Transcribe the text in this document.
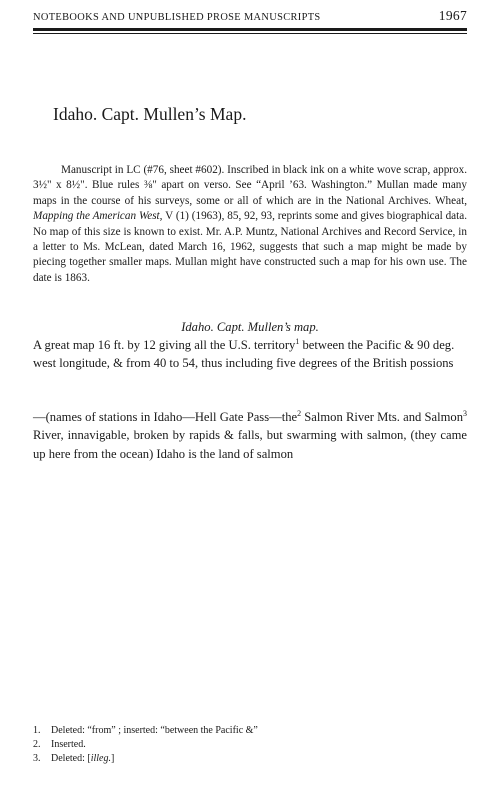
NOTEBOOKS AND UNPUBLISHED PROSE MANUSCRIPTS	1967
Idaho. Capt. Mullen’s Map.

Manuscript in LC (#76, sheet #602). Inscribed in black ink on a white wove scrap, approx. 3½" x 8½". Blue rules ⅜" apart on verso. See “April ’63. Washington.” Mullan made many maps in the course of his surveys, some or all of which are in the National Archives. Wheat, Mapping the American West, V (1) (1963), 85, 92, 93, reprints some and gives biographical data. No map of this size is known to exist. Mr. A.P. Muntz, National Archives and Record Service, in a letter to Ms. McLean, dated March 16, 1962, suggests that such a map might be made by piecing together smaller maps. Mullan might have constructed such a map for his own use. The date is 1863.

Idaho. Capt. Mullen’s map.

A great map 16 ft. by 12 giving all the U.S. territory$^1$ between the Pacific & 90 deg. west longitude, & from 40 to 54, thus including five degrees of the British possions

—(names of stations in Idaho—Hell Gate Pass—the$^2$ Salmon River Mts. and Salmon$^3$ River, innavigable, broken by rapids & falls, but swarming with salmon, (they came up here from the ocean) Idaho is the land of salmon

1.	Deleted: “from” ; inserted: “between the Pacific &”
2.	Inserted.
3.	Deleted: [illeg.]
